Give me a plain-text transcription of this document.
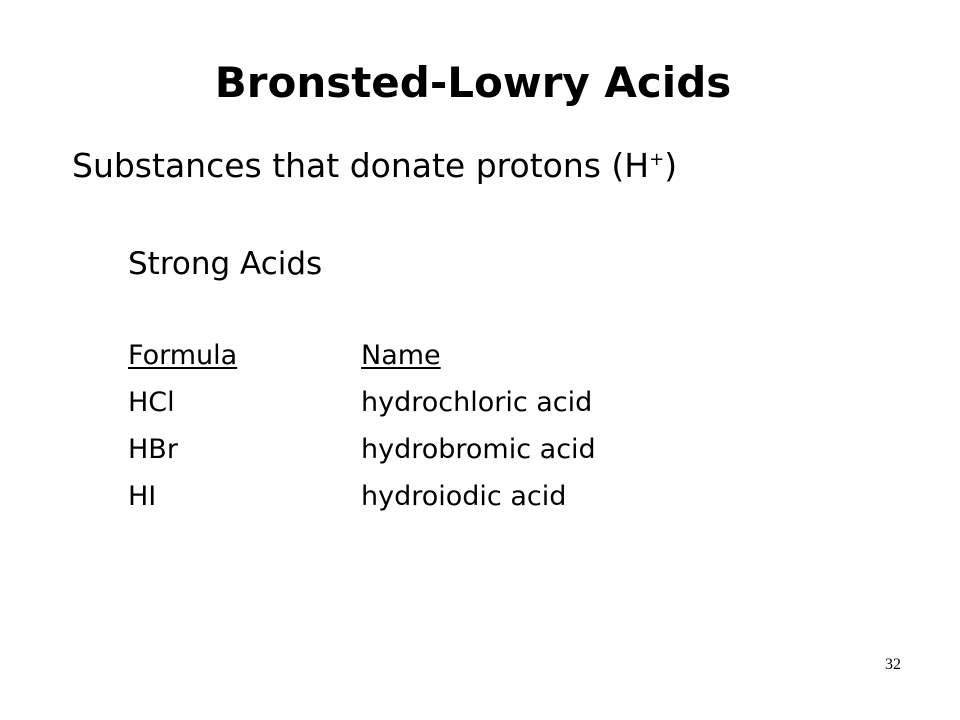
Bronsted-Lowry Acids
Substances that donate protons (H+)
Strong Acids
Formula	Name
HCl	hydrochloric acid
HBr	hydrobromic acid
HI	hydroiodic acid
32
